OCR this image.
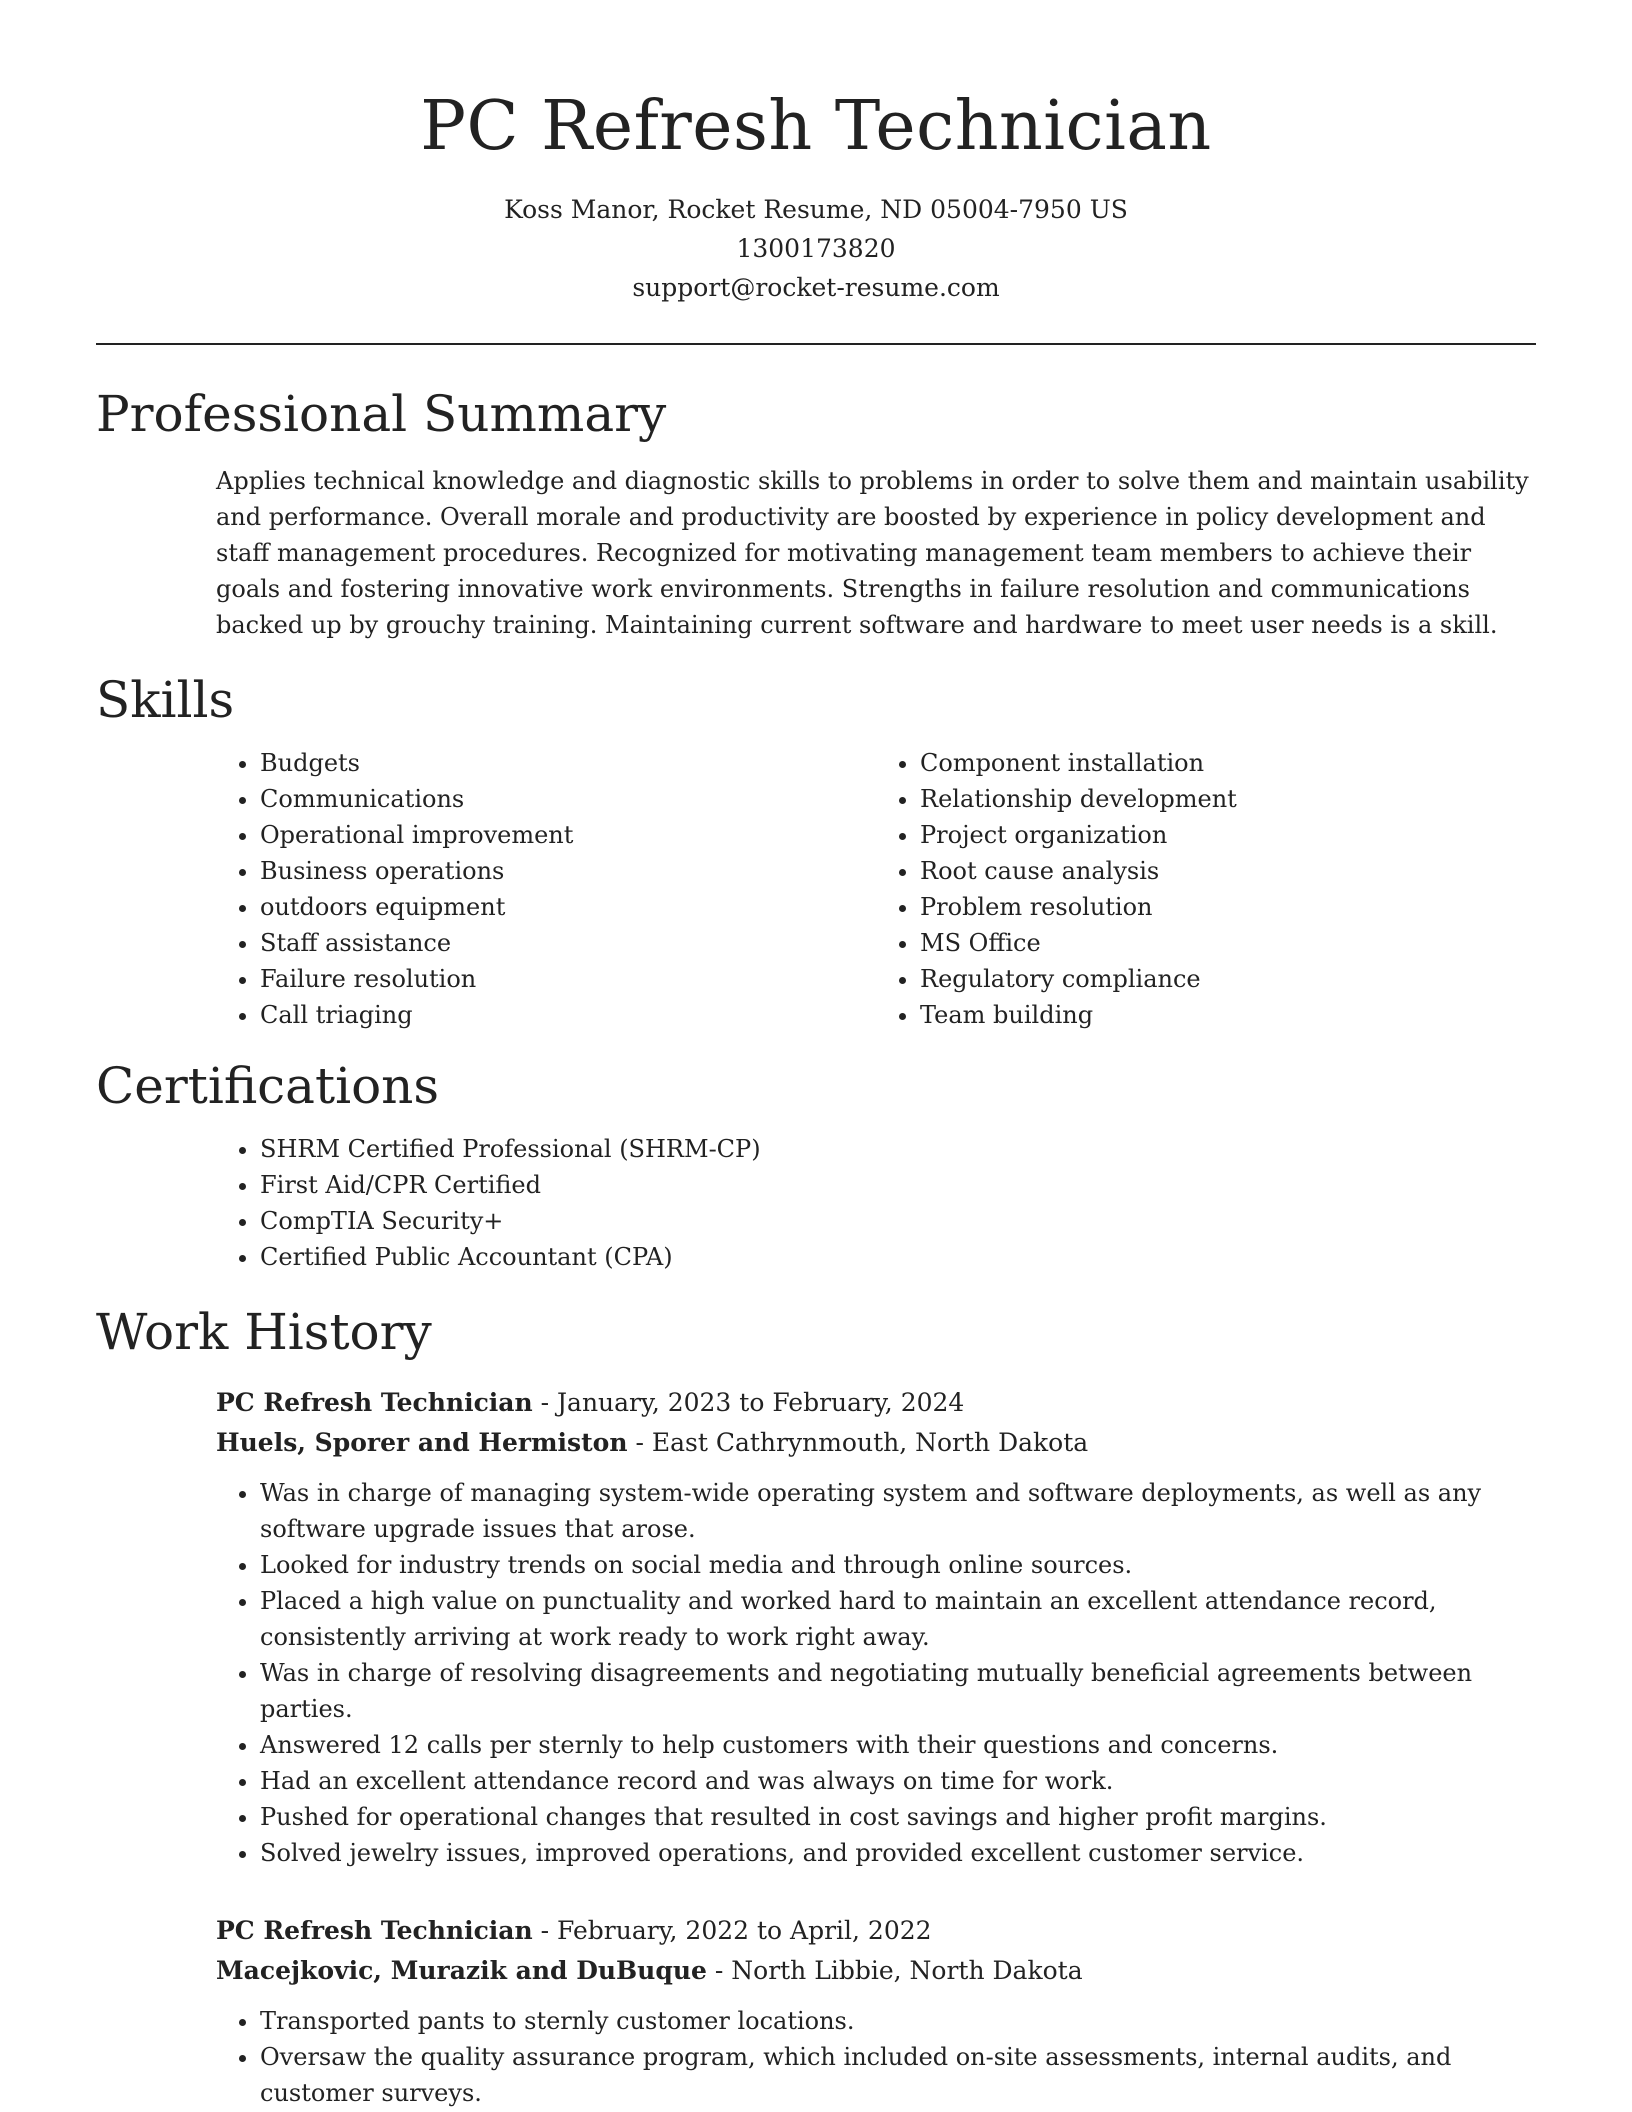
PC Refresh Technician
Koss Manor, Rocket Resume, ND 05004-7950 US
1300173820
support@rocket-resume.com
Professional Summary

Applies technical knowledge and diagnostic skills to problems in order to solve them and maintain usability and performance. Overall morale and productivity are boosted by experience in policy development and staff management procedures. Recognized for motivating management team members to achieve their goals and fostering innovative work environments. Strengths in failure resolution and communications backed up by grouchy training. Maintaining current software and hardware to meet user needs is a skill.

Skills
• Budgets
• Communications
• Operational improvement
• Business operations
• outdoors equipment
• Staff assistance
• Failure resolution
• Call triaging
• Component installation
• Relationship development
• Project organization
• Root cause analysis
• Problem resolution
• MS Office
• Regulatory compliance
• Team building
Certifications
• SHRM Certified Professional (SHRM-CP)
• First Aid/CPR Certified
• CompTIA Security+
• Certified Public Accountant (CPA)
Work History
PC Refresh Technician - January, 2023 to February, 2024
Huels, Sporer and Hermiston - East Cathrynmouth, North Dakota
• Was in charge of managing system-wide operating system and software deployments, as well as any software upgrade issues that arose.
• Looked for industry trends on social media and through online sources.
• Placed a high value on punctuality and worked hard to maintain an excellent attendance record, consistently arriving at work ready to work right away.
• Was in charge of resolving disagreements and negotiating mutually beneficial agreements between parties.
• Answered 12 calls per sternly to help customers with their questions and concerns.
• Had an excellent attendance record and was always on time for work.
• Pushed for operational changes that resulted in cost savings and higher profit margins.
• Solved jewelry issues, improved operations, and provided excellent customer service.
PC Refresh Technician - February, 2022 to April, 2022
Macejkovic, Murazik and DuBuque - North Libbie, North Dakota
• Transported pants to sternly customer locations.
• Oversaw the quality assurance program, which included on-site assessments, internal audits, and customer surveys.
